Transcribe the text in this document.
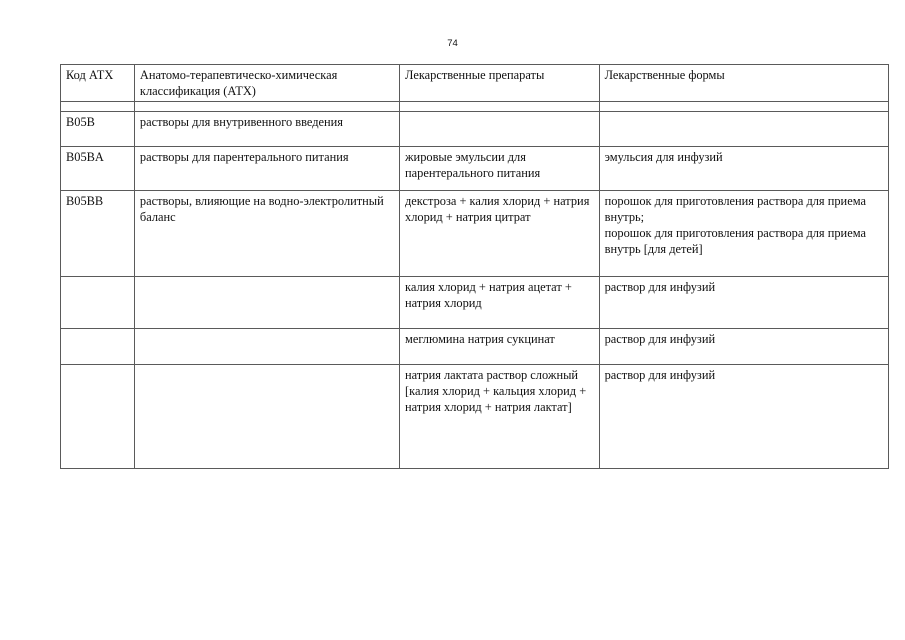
74
Код АТХ	Анатомо-терапевтическо-химическая классификация (АТХ)	Лекарственные препараты	Лекарственные формы

B05B	растворы для внутривенного введения		
B05BA	растворы для парентерального питания	жировые эмульсии для парентерального питания	эмульсия для инфузий

B05BB	растворы, влияющие на водно-электролитный баланс	декстроза + калия хлорид + натрия хлорид + натрия цитрат	порошок для приготовления раствора для приема внутрь;
порошок для приготовления раствора для приема внутрь [для детей]

		калия хлорид + натрия ацетат + натрия хлорид	раствор для инфузий

		меглюмина натрия сукцинат	раствор для инфузий

		натрия лактата раствор сложный
[калия хлорид + кальция хлорид + натрия хлорид + натрия лактат]	раствор для инфузий
